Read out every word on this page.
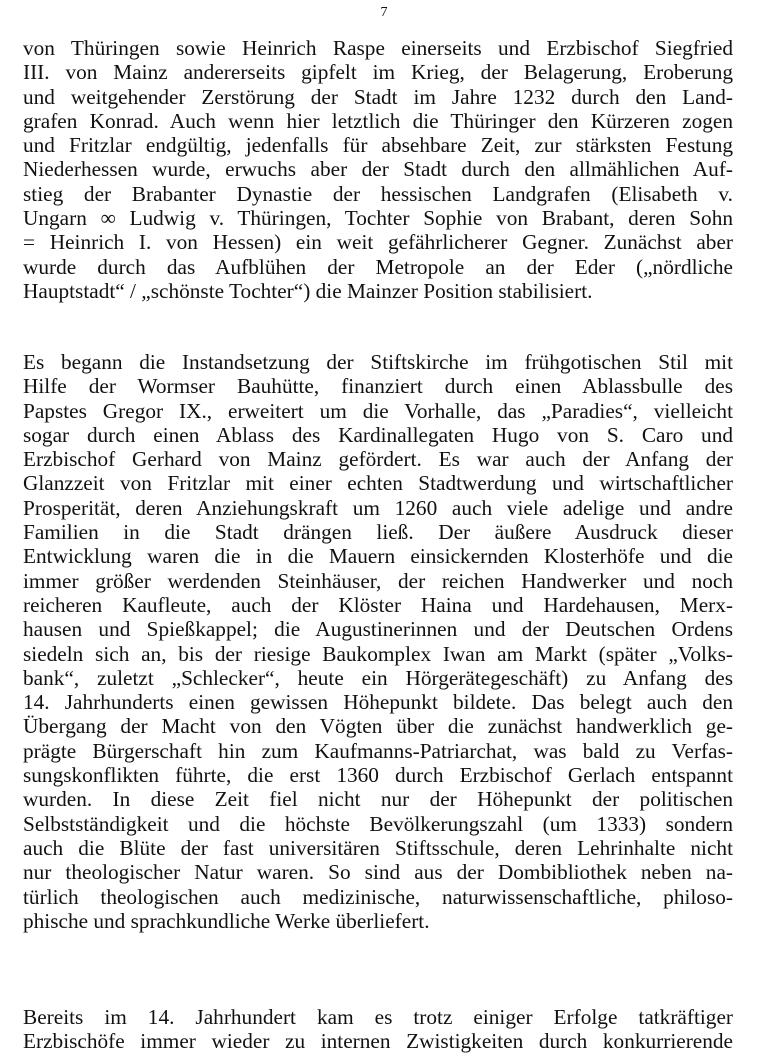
7
von Thüringen sowie Heinrich Raspe einerseits und Erzbischof Siegfried
III. von Mainz andererseits gipfelt im Krieg, der Belagerung, Eroberung
und weitgehender Zerstörung der Stadt im Jahre 1232 durch den Land-
grafen Konrad. Auch wenn hier letztlich die Thüringer den Kürzeren zogen
und Fritzlar endgültig, jedenfalls für absehbare Zeit, zur stärksten Festung
Niederhessen wurde, erwuchs aber der Stadt durch den allmählichen Auf-
stieg der Brabanter Dynastie der hessischen Landgrafen (Elisabeth v.
Ungarn ∞ Ludwig v. Thüringen, Tochter Sophie von Brabant, deren Sohn
= Heinrich I. von Hessen) ein weit gefährlicherer Gegner. Zunächst aber
wurde durch das Aufblühen der Metropole an der Eder („nördliche
Hauptstadt“ / „schönste Tochter“) die Mainzer Position stabilisiert.
Es begann die Instandsetzung der Stiftskirche im frühgotischen Stil mit
Hilfe der Wormser Bauhütte, finanziert durch einen Ablassbulle des
Papstes Gregor IX., erweitert um die Vorhalle, das „Paradies“, vielleicht
sogar durch einen Ablass des Kardinallegaten Hugo von S. Caro und
Erzbischof Gerhard von Mainz gefördert. Es war auch der Anfang der
Glanzzeit von Fritzlar mit einer echten Stadtwerdung und wirtschaftlicher
Prosperität, deren Anziehungskraft um 1260 auch viele adelige und andre
Familien in die Stadt drängen ließ. Der äußere Ausdruck dieser
Entwicklung waren die in die Mauern einsickernden Klosterhöfe und die
immer größer werdenden Steinhäuser, der reichen Handwerker und noch
reicheren Kaufleute, auch der Klöster Haina und Hardehausen, Merx-
hausen und Spießkappel; die Augustinerinnen und der Deutschen Ordens
siedeln sich an, bis der riesige Baukomplex Iwan am Markt (später „Volks-
bank“, zuletzt „Schlecker“, heute ein Hörgerätegeschäft) zu Anfang des
14. Jahrhunderts einen gewissen Höhepunkt bildete. Das belegt auch den
Übergang der Macht von den Vögten über die zunächst handwerklich ge-
prägte Bürgerschaft hin zum Kaufmanns-Patriarchat, was bald zu Verfas-
sungskonflikten führte, die erst 1360 durch Erzbischof Gerlach entspannt
wurden. In diese Zeit fiel nicht nur der Höhepunkt der politischen
Selbstständigkeit und die höchste Bevölkerungszahl (um 1333) sondern
auch die Blüte der fast universitären Stiftsschule, deren Lehrinhalte nicht
nur theologischer Natur waren. So sind aus der Dombibliothek neben na-
türlich theologischen auch medizinische, naturwissenschaftliche, philoso-
phische und sprachkundliche Werke überliefert.
Bereits im 14. Jahrhundert kam es trotz einiger Erfolge tatkräftiger
Erzbischöfe immer wieder zu internen Zwistigkeiten durch konkurrierende
